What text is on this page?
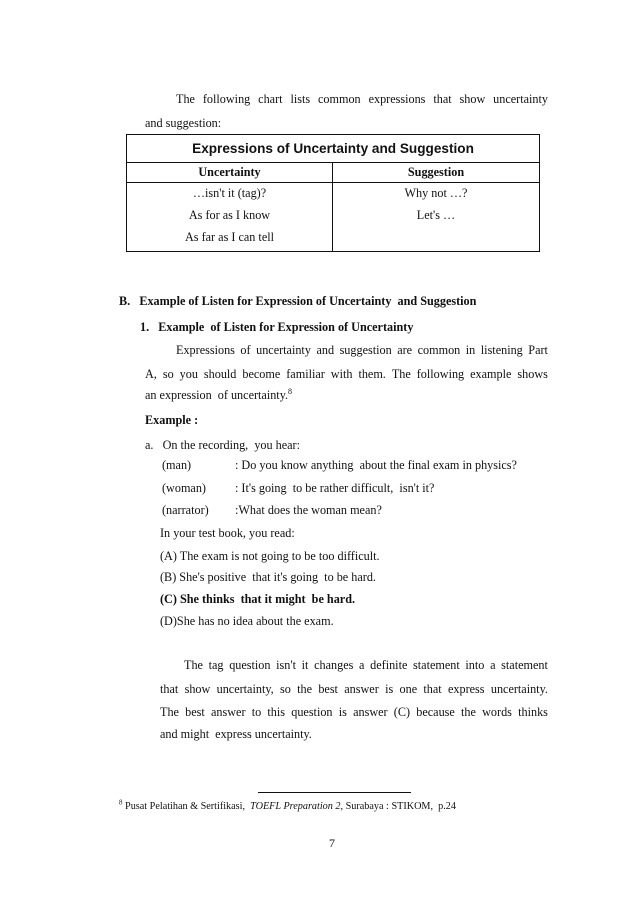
The following chart lists common expressions that show uncertainty
and suggestion:
Expressions of Uncertainty and Suggestion
Uncertainty	Suggestion
…isn't it (tag)?
As for as I know
As far as I can tell
Why not …?
Let's …
B.   Example of Listen for Expression of Uncertainty  and Suggestion
1.   Example  of Listen for Expression of Uncertainty
Expressions of uncertainty and suggestion are common in listening Part
A, so you should become familiar with them. The following example shows
an expression  of uncertainty.$^8$
Example :
a.   On the recording,  you hear:
(man)	: Do you know anything  about the final exam in physics?
(woman) : It's going  to be rather difficult,  isn't it?
(narrator) :What does the woman mean?
In your test book, you read:
(A) The exam is not going to be too difficult.
(B) She's positive  that it's going  to be hard.
(C) She thinks  that it might  be hard.
(D)She has no idea about the exam.
The tag question isn't it changes a definite statement into a statement
that show uncertainty, so the best answer is one that express uncertainty.
The best answer to this question is answer (C) because the words thinks
and might  express uncertainty.
$^8$ Pusat Pelatihan & Sertifikasi,  TOEFL Preparation 2, Surabaya : STIKOM,  p.24
7
